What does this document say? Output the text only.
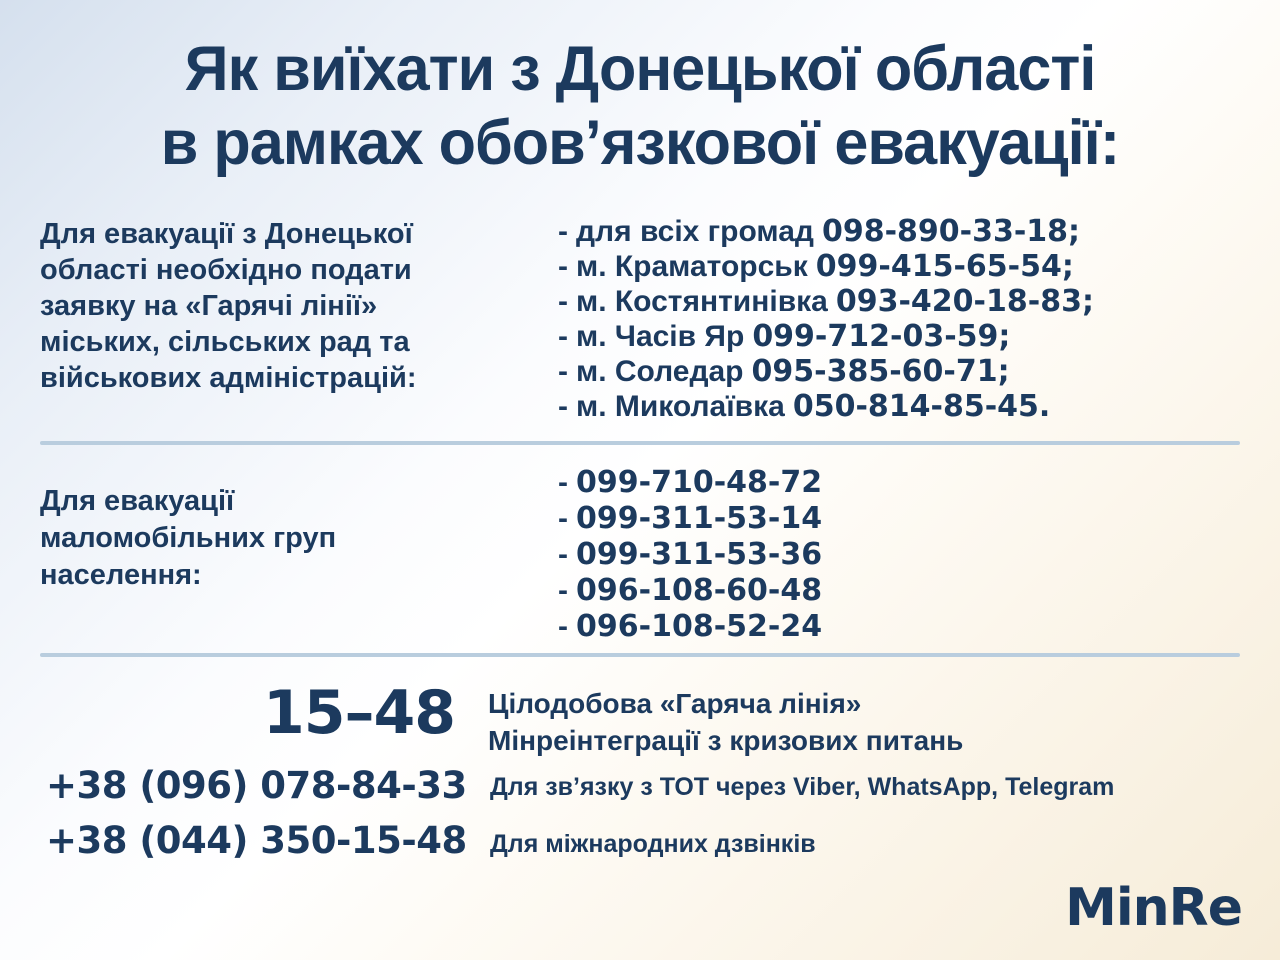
Як виїхати з Донецької області
в рамках обов’язкової евакуації:
Для евакуації з Донецької
області необхідно подати
заявку на «Гарячі лінії»
міських, сільських рад та
військових адміністрацій:
- для всіх громад 098-890-33-18;
- м. Краматорськ 099-415-65-54;
- м. Костянтинівка 093-420-18-83;
- м. Часів Яр 099-712-03-59;
- м. Соледар 095-385-60-71;
- м. Миколаївка 050-814-85-45.
Для евакуації
маломобільних груп
населення:
- 099-710-48-72
- 099-311-53-14
- 099-311-53-36
- 096-108-60-48
- 096-108-52-24
15–48 Цілодобова «Гаряча лінія»
Мінреінтеграції з кризових питань
+38 (096) 078-84-33 Для зв’язку з ТОТ через Viber, WhatsApp, Telegram
+38 (044) 350-15-48 Для міжнародних дзвінків
MinRe
